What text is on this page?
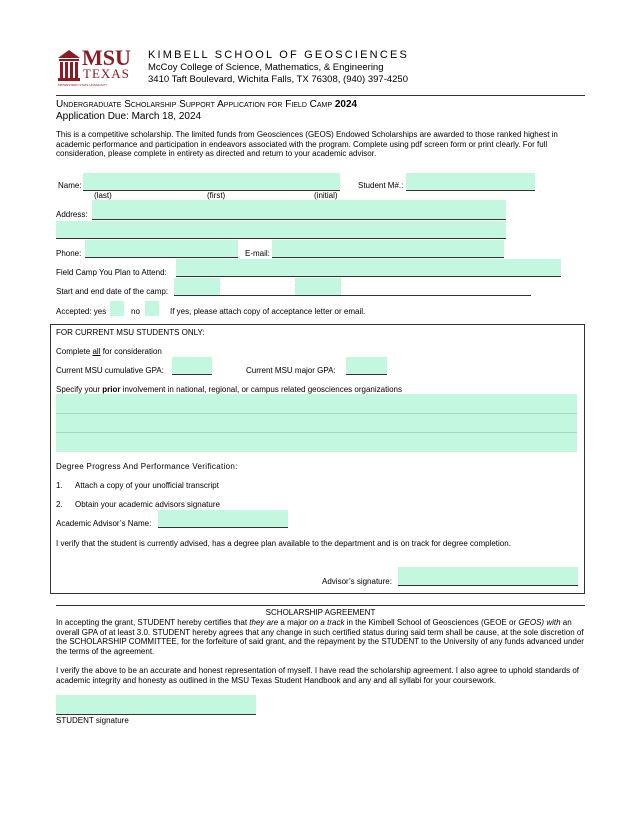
MSU
TEXAS
MIDWESTERN STATE UNIVERSITY
KIMBELL SCHOOL OF GEOSCIENCES
McCoy College of Science, Mathematics, & Engineering
3410 Taft Boulevard, Wichita Falls, TX 76308, (940) 397-4250
Undergraduate Scholarship Support Application for Field Camp 2024
Application Due: March 18, 2024
This is a competitive scholarship. The limited funds from Geosciences (GEOS) Endowed Scholarships are awarded to those ranked highest in academic performance and participation in endeavors associated with the program. Complete using pdf screen form or print clearly. For full consideration, please complete in entirety as directed and return to your academic advisor.
Name:
(last)	(first)	(initial)
Student M#.:
Address:
Phone:	E-mail:
Field Camp You Plan to Attend:
Start and end date of the camp:
Accepted: yes	no	If yes, please attach copy of acceptance letter or email.
FOR CURRENT MSU STUDENTS ONLY:
Complete all for consideration
Current MSU cumulative GPA:	Current MSU major GPA:
Specify your prior involvement in national, regional, or campus related geosciences organizations
Degree Progress And Performance Verification:
1. Attach a copy of your unofficial transcript
2. Obtain your academic advisors signature
Academic Advisor’s Name:
I verify that the student is currently advised, has a degree plan available to the department and is on track for degree completion.
Advisor’s signature:
SCHOLARSHIP AGREEMENT
In accepting the grant, STUDENT hereby certifies that they are a major on a track in the Kimbell School of Geosciences (GEOE or GEOS) with an overall GPA of at least 3.0. STUDENT hereby agrees that any change in such certified status during said term shall be cause, at the sole discretion of the SCHOLARSHIP COMMITTEE, for the forfeiture of said grant, and the repayment by the STUDENT to the University of any funds advanced under the terms of the agreement.
I verify the above to be an accurate and honest representation of myself. I have read the scholarship agreement. I also agree to uphold standards of academic integrity and honesty as outlined in the MSU Texas Student Handbook and any and all syllabi for your coursework.
STUDENT signature
